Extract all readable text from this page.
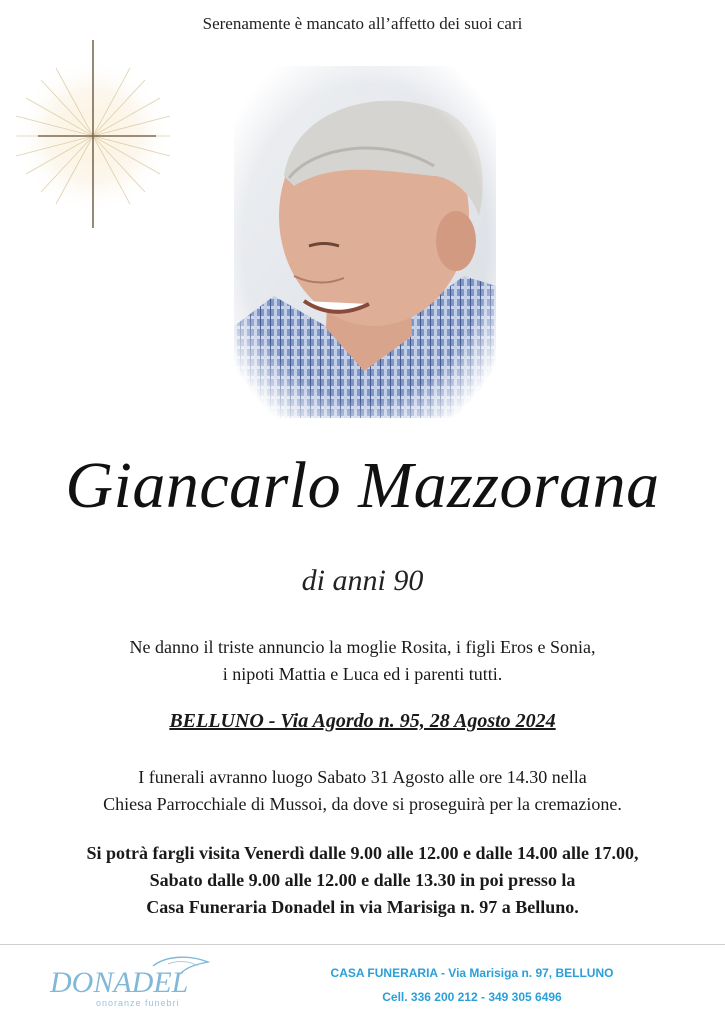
Serenamente è mancato all’affetto dei suoi cari
Giancarlo Mazzorana
di anni 90
Ne danno il triste annuncio la moglie Rosita, i figli Eros e Sonia,
i nipoti Mattia e Luca ed i parenti tutti.
BELLUNO - Via Agordo n. 95, 28 Agosto 2024
I funerali avranno luogo Sabato 31 Agosto alle ore 14.30 nella
Chiesa Parrocchiale di Mussoi, da dove si proseguirà per la cremazione.
Si potrà fargli visita Venerdì dalle 9.00 alle 12.00 e dalle 14.00 alle 17.00,
Sabato dalle 9.00 alle 12.00 e dalle 13.30 in poi presso la
Casa Funeraria Donadel in via Marisiga n. 97 a Belluno.
DONADEL
onoranze funebri
CASA FUNERARIA - Via Marisiga n. 97, BELLUNO
Cell. 336 200 212 - 349 305 6496
